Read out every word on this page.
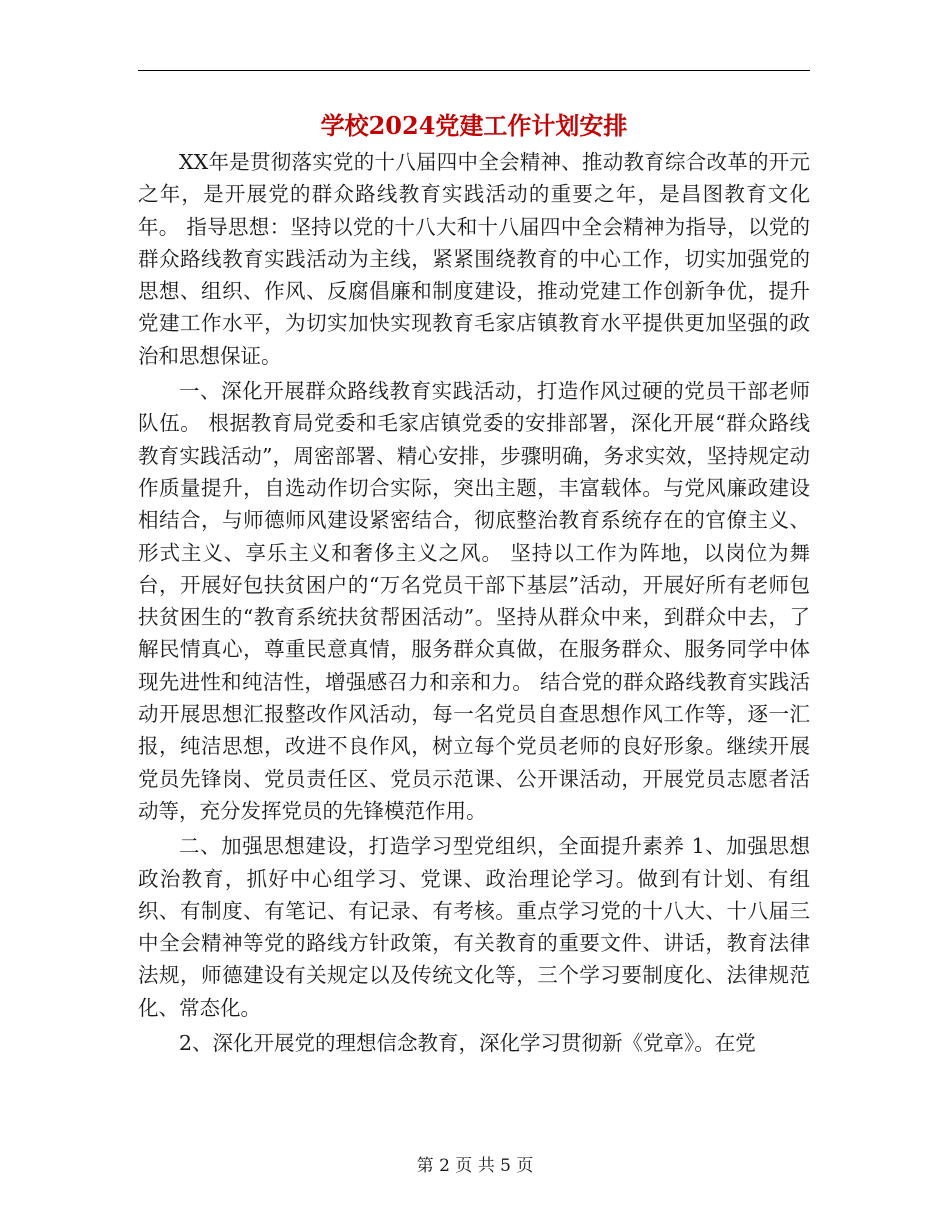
学校2024党建工作计划安排

XX年是贯彻落实党的十八届四中全会精神、推动教育综合改革的开元之年，是开展党的群众路线教育实践活动的重要之年，是昌图教育文化年。 指导思想：坚持以党的十八大和十八届四中全会精神为指导，以党的群众路线教育实践活动为主线，紧紧围绕教育的中心工作，切实加强党的思想、组织、作风、反腐倡廉和制度建设，推动党建工作创新争优，提升党建工作水平，为切实加快实现教育毛家店镇教育水平提供更加坚强的政治和思想保证。

一、深化开展群众路线教育实践活动，打造作风过硬的党员干部老师队伍。 根据教育局党委和毛家店镇党委的安排部署，深化开展“群众路线教育实践活动”，周密部署、精心安排，步骤明确，务求实效，坚持规定动作质量提升，自选动作切合实际，突出主题，丰富载体。与党风廉政建设相结合，与师德师风建设紧密结合，彻底整治教育系统存在的官僚主义、形式主义、享乐主义和奢侈主义之风。 坚持以工作为阵地，以岗位为舞台，开展好包扶贫困户的“万名党员干部下基层”活动，开展好所有老师包扶贫困生的“教育系统扶贫帮困活动”。坚持从群众中来，到群众中去，了解民情真心，尊重民意真情，服务群众真做，在服务群众、服务同学中体现先进性和纯洁性，增强感召力和亲和力。 结合党的群众路线教育实践活动开展思想汇报整改作风活动，每一名党员自查思想作风工作等，逐一汇报，纯洁思想，改进不良作风，树立每个党员老师的良好形象。继续开展党员先锋岗、党员责任区、党员示范课、公开课活动，开展党员志愿者活动等，充分发挥党员的先锋模范作用。

二、加强思想建设，打造学习型党组织，全面提升素养 1、加强思想政治教育，抓好中心组学习、党课、政治理论学习。做到有计划、有组织、有制度、有笔记、有记录、有考核。重点学习党的十八大、十八届三中全会精神等党的路线方针政策，有关教育的重要文件、讲话，教育法律法规，师德建设有关规定以及传统文化等，三个学习要制度化、法律规范化、常态化。

2、深化开展党的理想信念教育，深化学习贯彻新《党章》。在党

第 2 页 共 5 页
